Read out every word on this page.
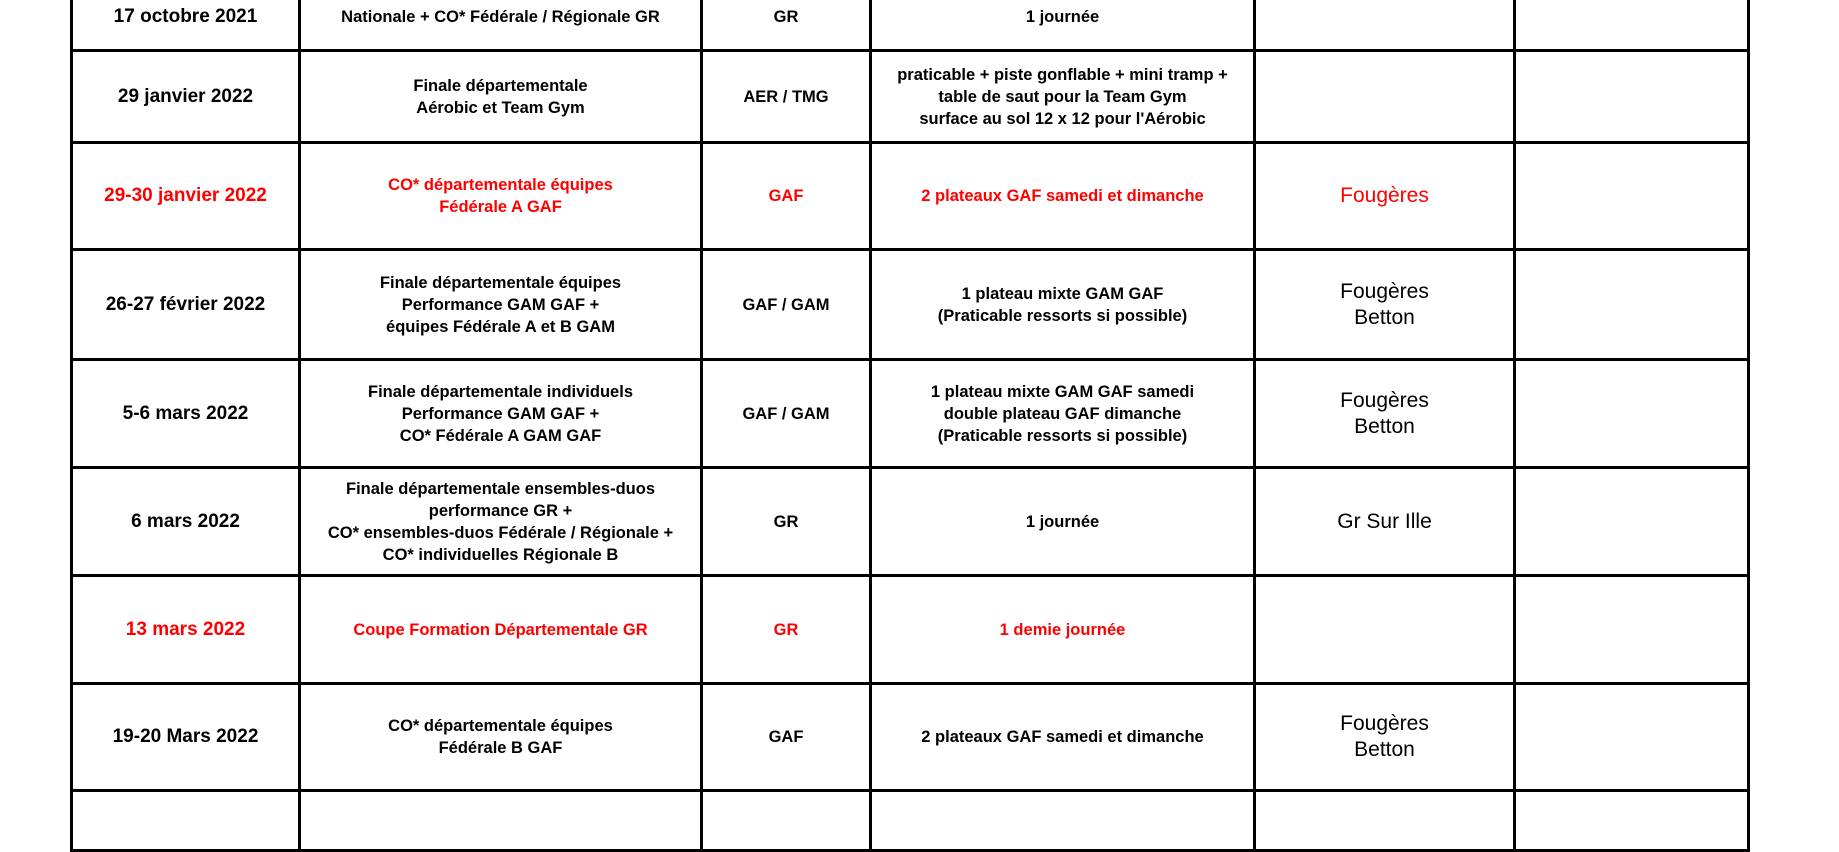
17 octobre 2021	Nationale + CO* Fédérale / Régionale GR	GR	1 journée		
29 janvier 2022	Finale départementale
Aérobic et Team Gym	AER / TMG	praticable + piste gonflable + mini tramp +
table de saut pour la Team Gym
surface au sol 12 x 12 pour l'Aérobic		
29-30 janvier 2022	CO* départementale équipes
Fédérale A GAF	GAF	2 plateaux GAF samedi et dimanche	Fougères	
26-27 février 2022	Finale départementale équipes
Performance GAM GAF +
équipes Fédérale A et B GAM	GAF / GAM	1 plateau mixte GAM GAF
(Praticable ressorts si possible)	Fougères
Betton	
5-6 mars 2022	Finale départementale individuels
Performance GAM GAF +
CO* Fédérale A GAM GAF	GAF / GAM	1 plateau mixte GAM GAF samedi
double plateau GAF dimanche
(Praticable ressorts si possible)	Fougères
Betton	
6 mars 2022	Finale départementale ensembles-duos
performance GR +
CO* ensembles-duos Fédérale / Régionale +
CO* individuelles Régionale B	GR	1 journée	Gr Sur Ille	
13 mars 2022	Coupe Formation Départementale GR	GR	1 demie journée		
19-20 Mars 2022	CO* départementale équipes
Fédérale B GAF	GAF	2 plateaux GAF samedi et dimanche	Fougères
Betton	
